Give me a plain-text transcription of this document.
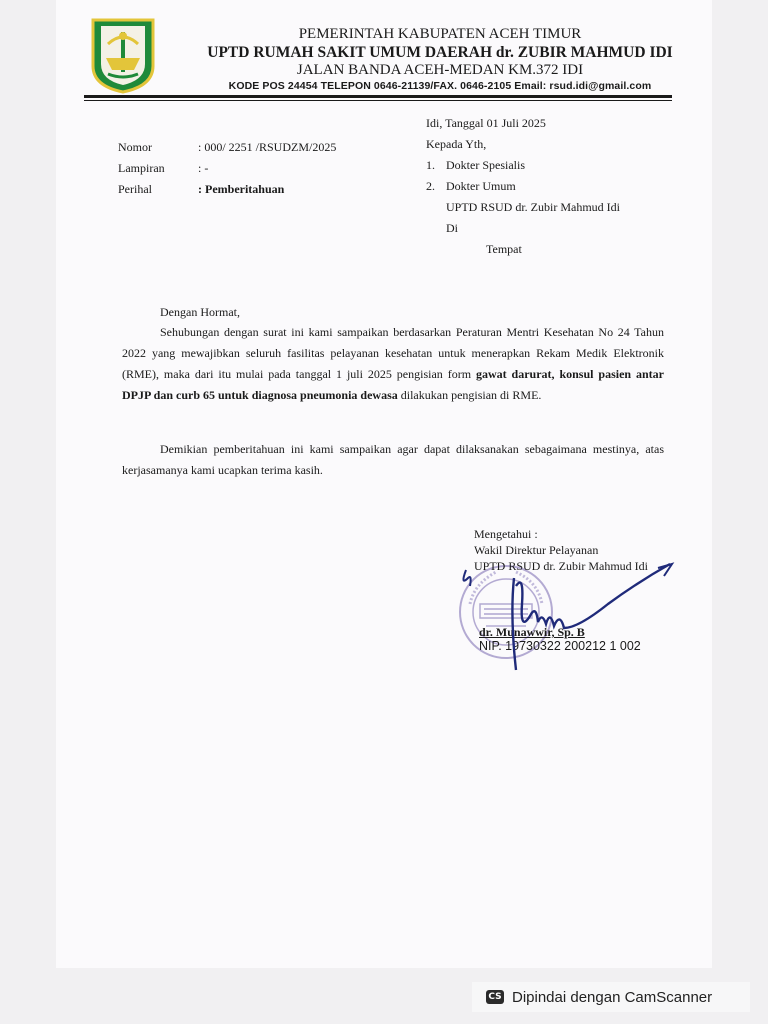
PEMERINTAH KABUPATEN ACEH TIMUR
UPTD RUMAH SAKIT UMUM DAERAH dr. ZUBIR MAHMUD IDI
JALAN BANDA ACEH-MEDAN KM.372 IDI
KODE POS 24454 TELEPON 0646-21139/FAX. 0646-2105 Email: rsud.idi@gmail.com
Idi, Tanggal 01 Juli 2025
Nomor	: 000/ 2251 /RSUDZM/2025
Lampiran	: -
Perihal	: Pemberitahuan
Kepada Yth,
1. Dokter Spesialis
2. Dokter Umum
UPTD RSUD dr. Zubir Mahmud Idi
Di
Tempat
Dengan Hormat,

Sehubungan dengan surat ini kami sampaikan berdasarkan Peraturan Mentri Kesehatan No 24 Tahun 2022 yang mewajibkan seluruh fasilitas pelayanan kesehatan untuk menerapkan Rekam Medik Elektronik (RME), maka dari itu mulai pada tanggal 1 juli 2025 pengisian form gawat darurat, konsul pasien antar DPJP dan curb 65 untuk diagnosa pneumonia dewasa dilakukan pengisian di RME.

Demikian pemberitahuan ini kami sampaikan agar dapat dilaksanakan sebagaimana mestinya, atas kerjasamanya kami ucapkan terima kasih.

Mengetahui :
Wakil Direktur Pelayanan
UPTD RSUD dr. Zubir Mahmud Idi
dr. Munawwir, Sp. B
NIP. 19730322 200212 1 002
CS Dipindai dengan CamScanner
